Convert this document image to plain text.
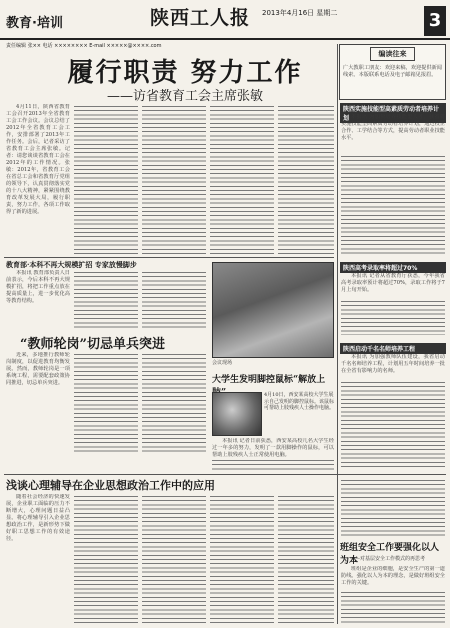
教育·培训	陕西工人报 2013年4月16日 星期二	3
责任编辑 张×× 电话 ×××××××× E-mail ×××××@××××.com
履行职责 努力工作
——访省教育工会主席张敏

4月11日，陕西省教育工会召开2013年全省教育工会工作会议。会议总结了2012年全省教育工会工作，安排部署了2013年工作任务。会后，记者采访了省教育工会主席张敏。记者：请您谈谈省教育工会在2012年的工作情况。张敏：2012年，省教育工会在省总工会和省教育厅党组的领导下，认真贯彻落实党的十八大精神，紧紧围绕教育改革发展大局，履行职责，努力工作，各项工作取得了新的进展。

编读往来
广大教职工朋友：欢迎来稿，欢迎提供新闻线索。本版联系电话及电子邮箱见报眉。
陕西实施技能型高素质劳动者培养计划 本报讯 为加快培养技能型人才，我省将实施技能型高素质劳动者培养计划，通过校企合作、工学结合等方式，提高劳动者职业技能水平。

陕西高考录取率将超过70%

本报讯 记者从省教育厅获悉，今年我省高考录取率预计将超过70%，录取工作将于7月上旬开始。

陕西启动千名名师培养工程

本报讯 为加强教师队伍建设，我省启动千名名师培养工程，计划用五年时间培养一批在全省有影响力的名师。

教育部·本科不再大规模扩招 专家放慢脚步

本报讯 教育部负责人日前表示，今后本科不再大规模扩招，将把工作重点放在提高质量上，进一步优化高等教育结构。

会议现场
“教师轮岗”切忌单兵突进

近来，多地推行教师轮岗制度，以促进教育均衡发展。然而，教师轮岗是一项系统工程，需要配套政策协同推进，切忌单兵突进。	大学生发明脚控鼠标“解放上
4月10日，西安某高校大学生展示自己发明的脚控鼠标。该鼠标可帮助上肢残疾人士操作电脑。

本报讯 记者日前获悉，西安某高校几名大学生经过一年多的努力，发明了一款用脚操作的鼠标，可以帮助上肢残疾人士正常使用电脑。

浅谈心理辅导在企业思想政治工作中的应用

随着社会经济的快速发展，企业职工面临的压力不断增大，心理问题日益凸显。将心理辅导引入企业思想政治工作，是新形势下做好职工思想工作的有效途径。

班组安全工作要强化以人为本
——对基层安全工作模式的再思考

班组是企业的细胞，是安全生产的第一道防线。强化以人为本的理念，是做好班组安全工作的关键。
